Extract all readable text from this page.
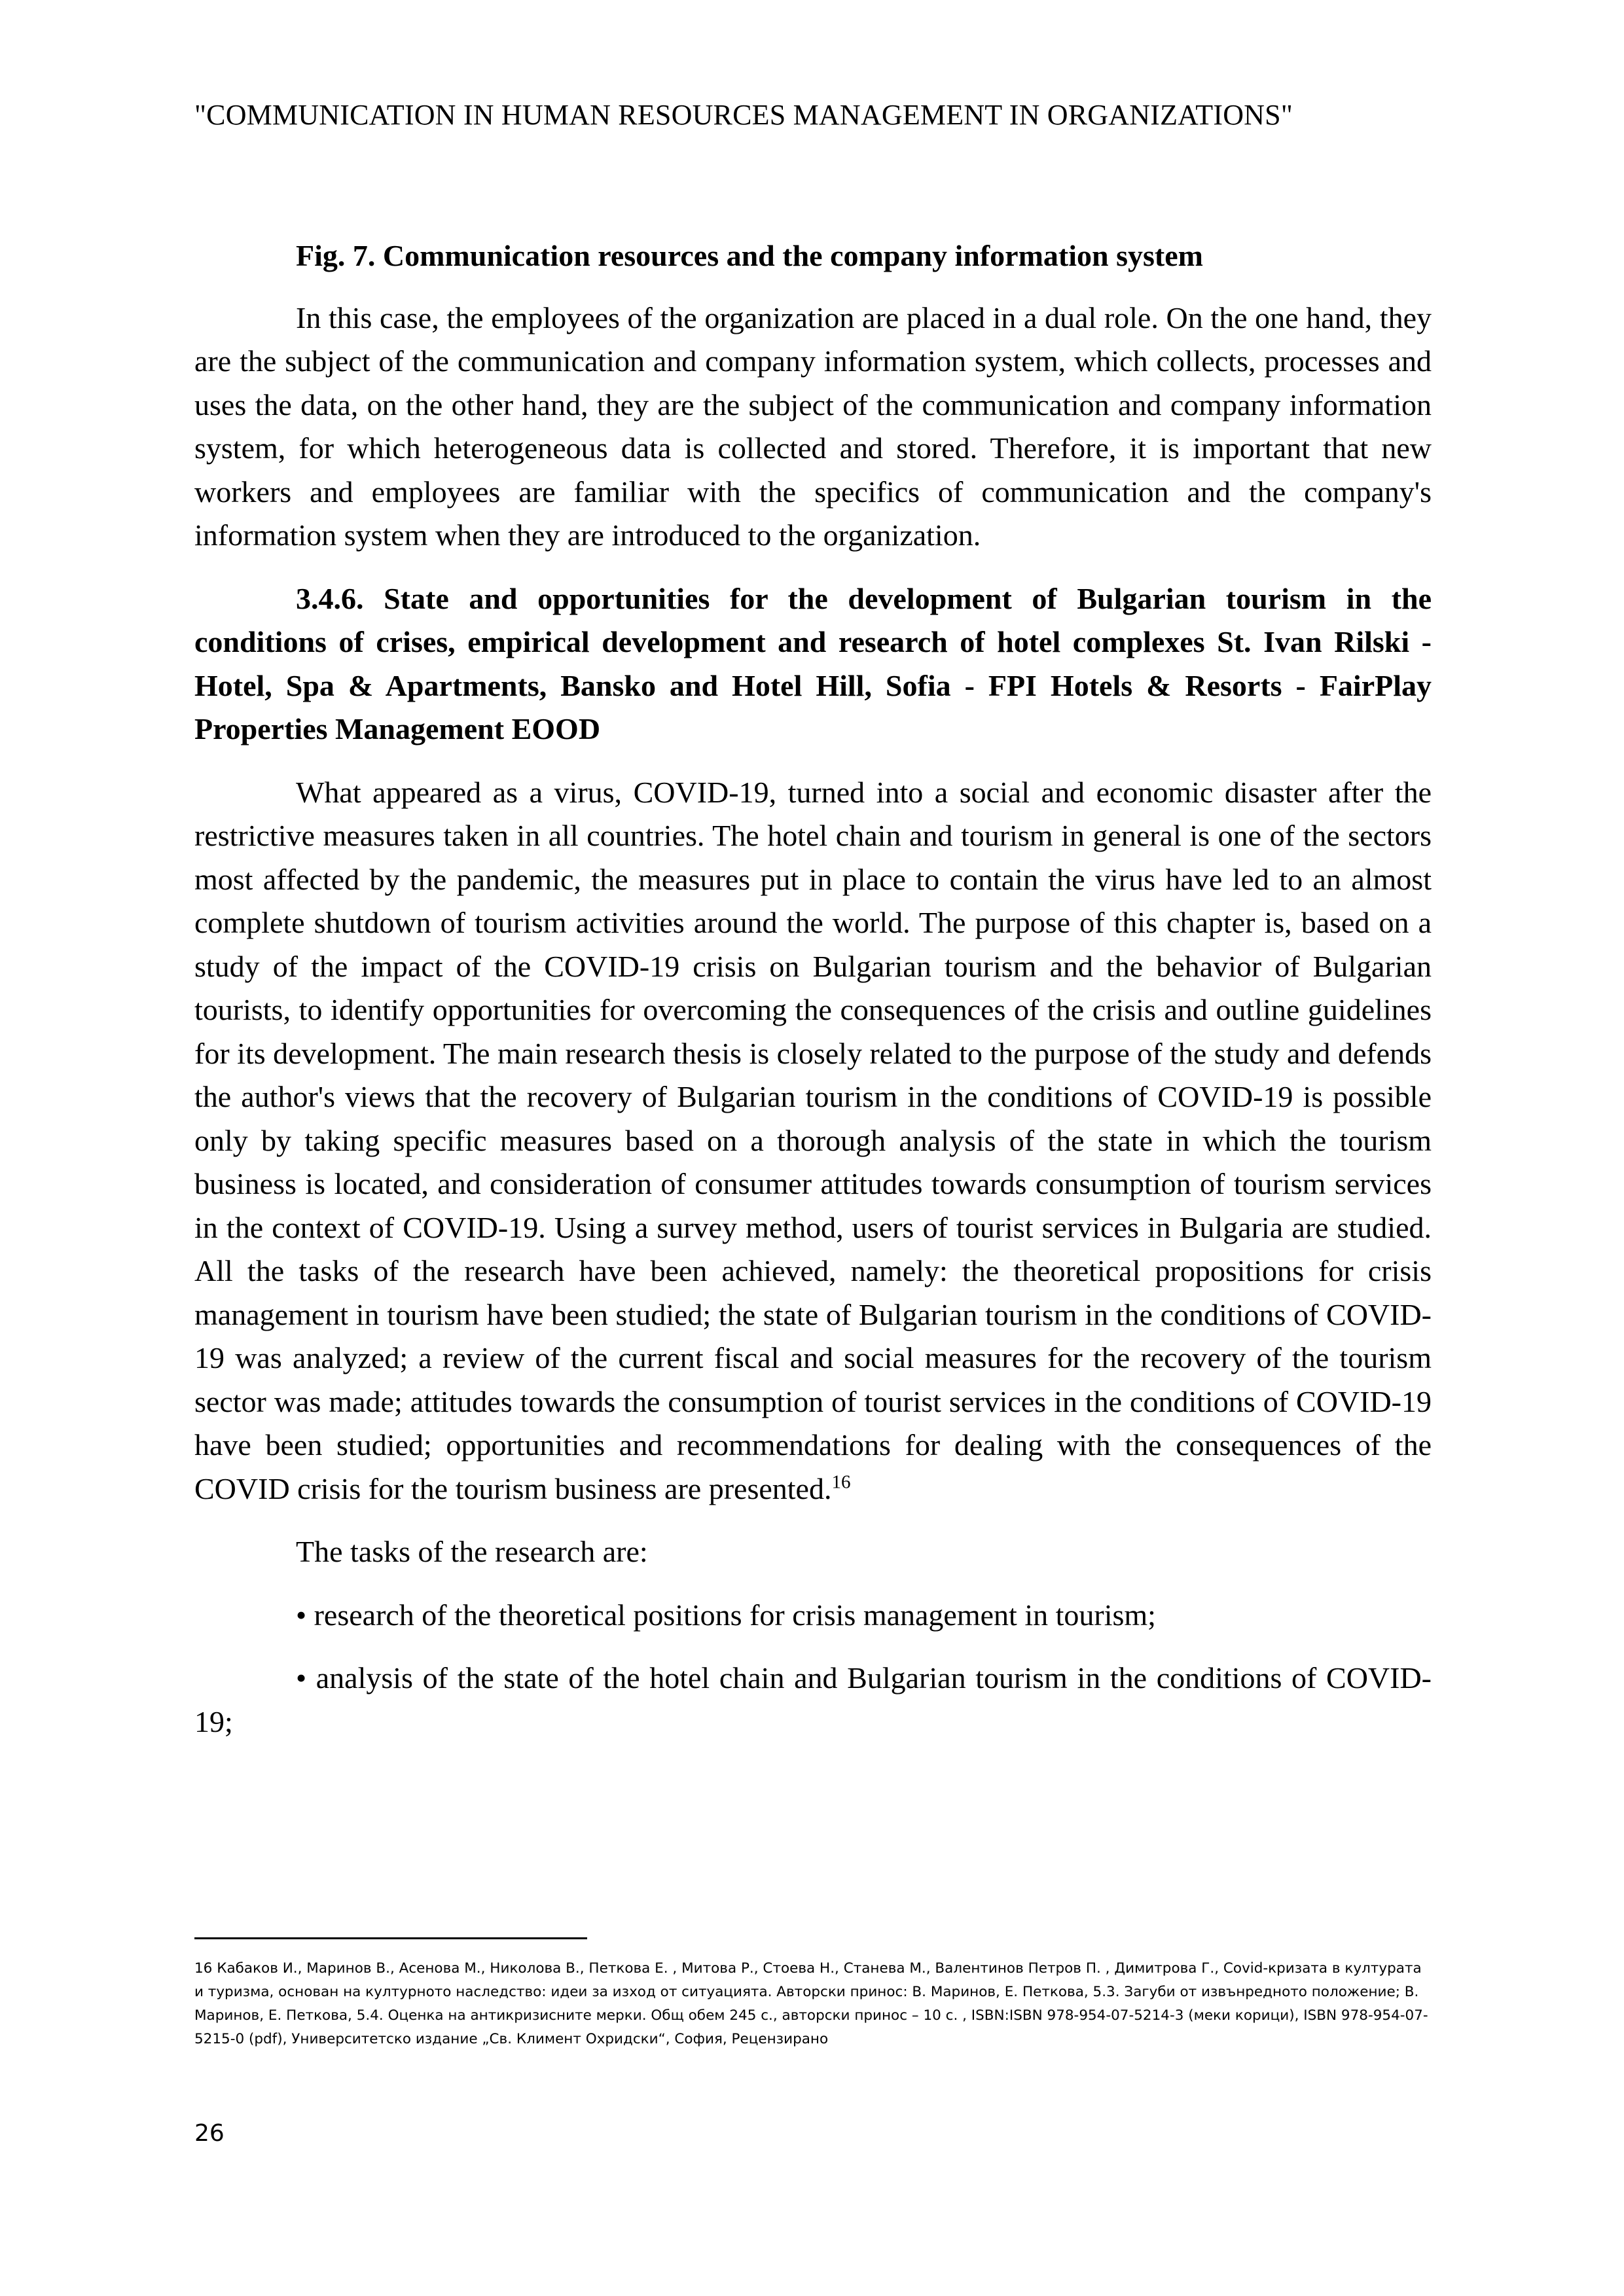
"COMMUNICATION IN HUMAN RESOURCES MANAGEMENT IN ORGANIZATIONS"

Fig. 7. Communication resources and the company information system

In this case, the employees of the organization are placed in a dual role. On the one hand, they are the subject of the communication and company information system, which collects, processes and uses the data, on the other hand, they are the subject of the communication and company information system, for which heterogeneous data is collected and stored. Therefore, it is important that new workers and employees are familiar with the specifics of communication and the company's information system when they are introduced to the organization.

3.4.6. State and opportunities for the development of Bulgarian tourism in the conditions of crises, empirical development and research of hotel complexes St. Ivan Rilski - Hotel, Spa & Apartments, Bansko and Hotel Hill, Sofia - FPI Hotels & Resorts - FairPlay Properties Management EOOD

What appeared as a virus, COVID-19, turned into a social and economic disaster after the restrictive measures taken in all countries. The hotel chain and tourism in general is one of the sectors most affected by the pandemic, the measures put in place to contain the virus have led to an almost complete shutdown of tourism activities around the world. The purpose of this chapter is, based on a study of the impact of the COVID-19 crisis on Bulgarian tourism and the behavior of Bulgarian tourists, to identify opportunities for overcoming the consequences of the crisis and outline guidelines for its development. The main research thesis is closely related to the purpose of the study and defends the author's views that the recovery of Bulgarian tourism in the conditions of COVID-19 is possible only by taking specific measures based on a thorough analysis of the state in which the tourism business is located, and consideration of consumer attitudes towards consumption of tourism services in the context of COVID-19. Using a survey method, users of tourist services in Bulgaria are studied. All the tasks of the research have been achieved, namely: the theoretical propositions for crisis management in tourism have been studied; the state of Bulgarian tourism in the conditions of COVID-19 was analyzed; a review of the current fiscal and social measures for the recovery of the tourism sector was made; attitudes towards the consumption of tourist services in the conditions of COVID-19 have been studied; opportunities and recommendations for dealing with the consequences of the COVID crisis for the tourism business are presented.$^{16}$

The tasks of the research are:

• research of the theoretical positions for crisis management in tourism;

• analysis of the state of the hotel chain and Bulgarian tourism in the conditions of COVID-19;

16 Кабаков И., Маринов В., Асенова М., Николова В., Петкова Е. , Митова Р., Стоева Н., Станева М., Валентинов Петров П. , Димитрова Г., Covid-кризата в културата и туризма, основан на културното наследство: идеи за изход от ситуацията. Авторски принос: В. Маринов, Е. Петкова, 5.3. Загуби от извънредното положение; В. Маринов, Е. Петкова, 5.4. Оценка на антикризисните мерки. Общ обем 245 с., авторски принос – 10 с. , ISBN:ISBN 978-954-07-5214-3 (меки корици), ISBN 978-954-07-5215-0 (pdf), Университетско издание „Св. Климент Охридски“, София, Рецензирано
26
